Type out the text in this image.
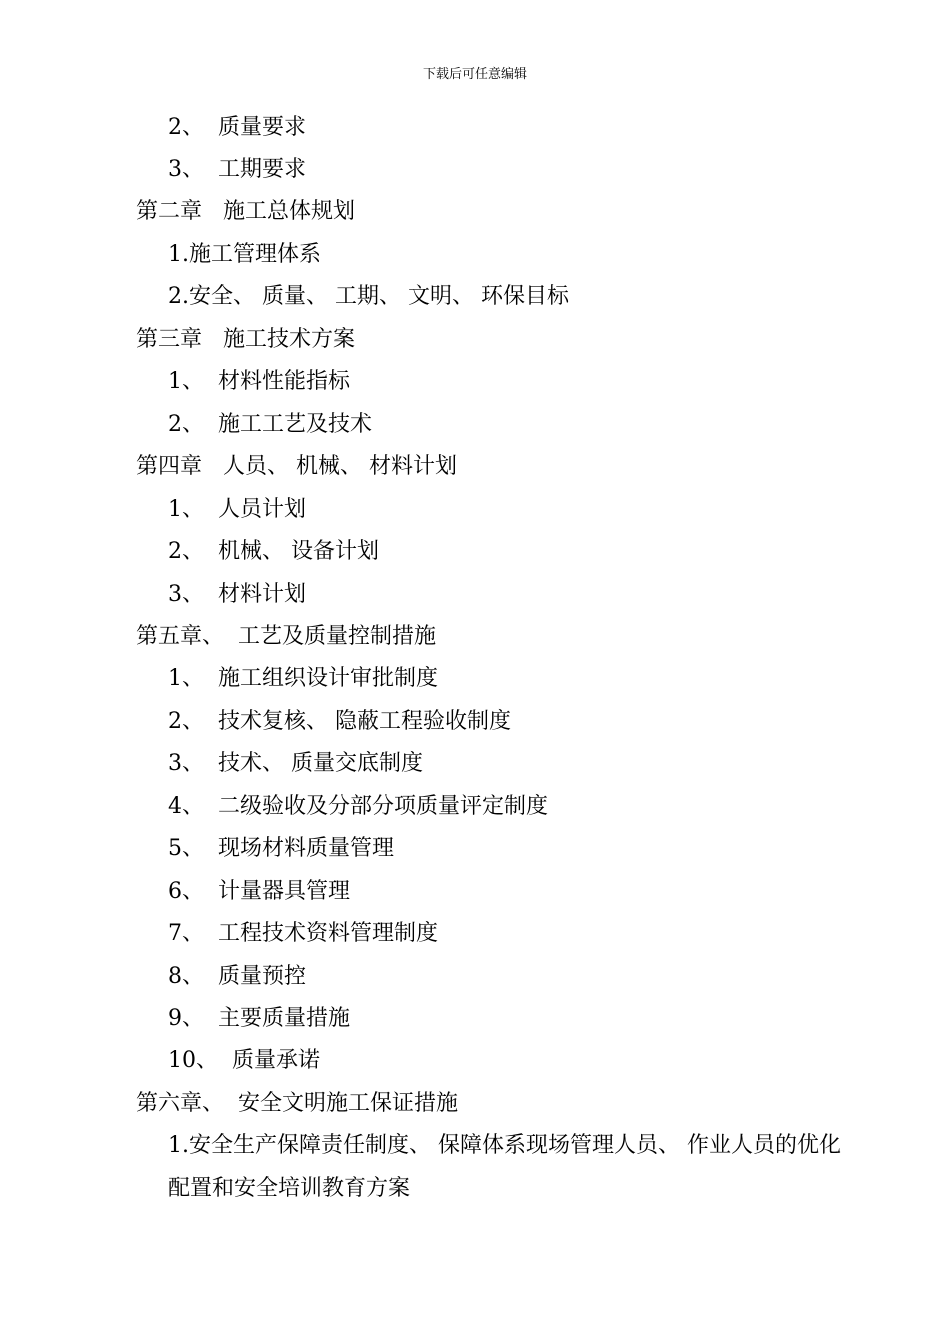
下载后可任意编辑
2、  质量要求
3、  工期要求
第二章   施工总体规划
1.施工管理体系
2.安全、 质量、 工期、 文明、 环保目标
第三章   施工技术方案
1、  材料性能指标
2、  施工工艺及技术
第四章   人员、 机械、 材料计划
1、  人员计划
2、  机械、 设备计划
3、  材料计划
第五章、  工艺及质量控制措施
1、  施工组织设计审批制度
2、  技术复核、 隐蔽工程验收制度
3、  技术、 质量交底制度
4、  二级验收及分部分项质量评定制度
5、  现场材料质量管理
6、  计量器具管理
7、  工程技术资料管理制度
8、  质量预控
9、  主要质量措施
10、  质量承诺
第六章、  安全文明施工保证措施
1.安全生产保障责任制度、 保障体系现场管理人员、 作业人员的优化配置和安全培训教育方案
